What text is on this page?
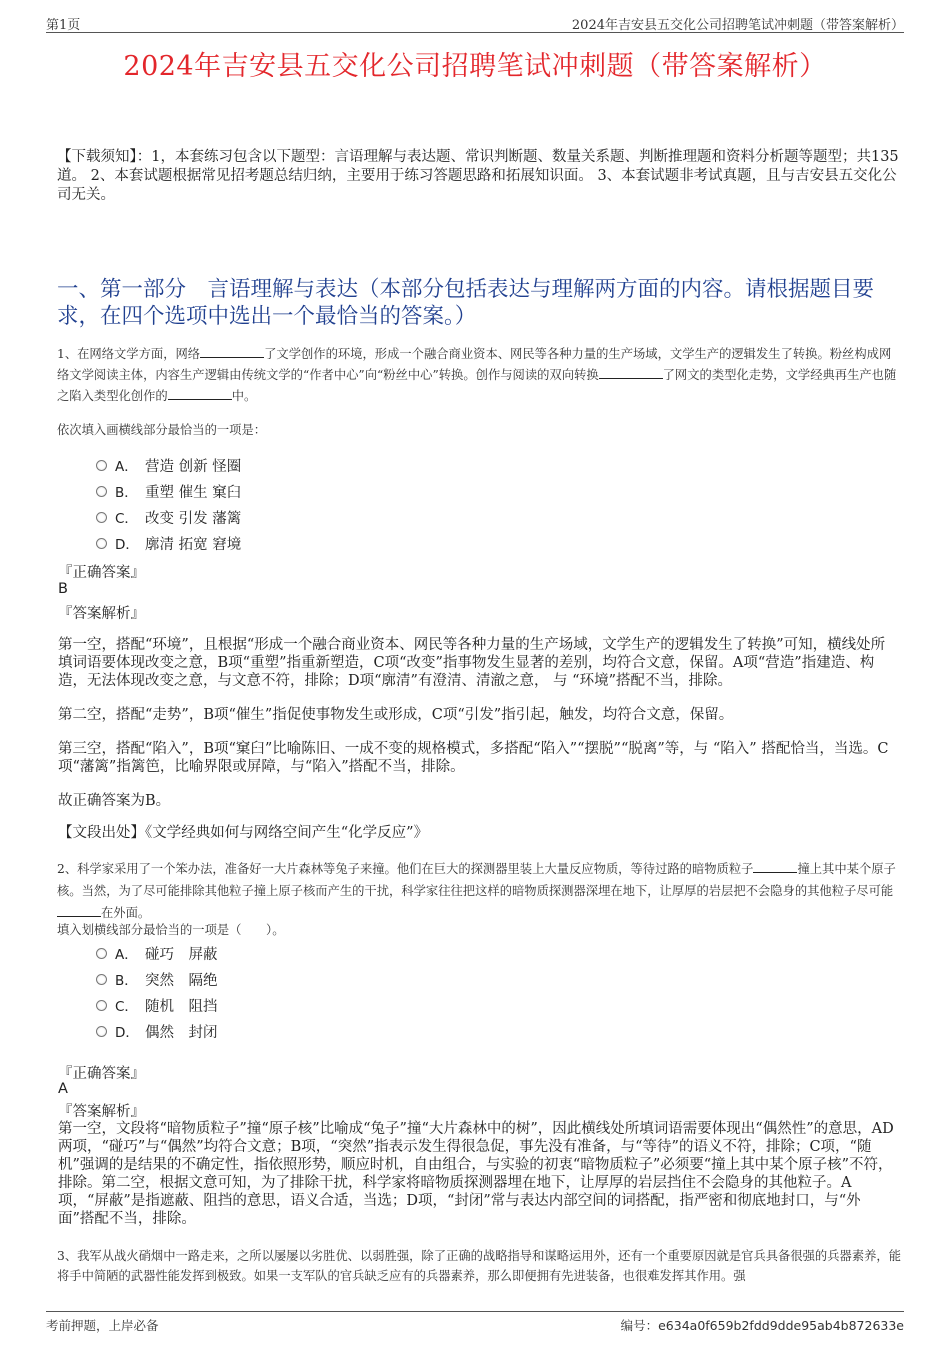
第1页	2024年吉安县五交化公司招聘笔试冲刺题（带答案解析）
2024年吉安县五交化公司招聘笔试冲刺题（带答案解析）
【下载须知】：1，本套练习包含以下题型：言语理解与表达题、常识判断题、数量关系题、判断推理题和资料分析题等题型；共135道。 2、本套试题根据常见招考题总结归纳，主要用于练习答题思路和拓展知识面。 3、本套试题非考试真题，且与吉安县五交化公司无关。
一、第一部分　言语理解与表达（本部分包括表达与理解两方面的内容。请根据题目要求，在四个选项中选出一个最恰当的答案。）
1、在网络文学方面，网络	了文学创作的环境，形成一个融合商业资本、网民等各种力量的生产场域，文学生产的逻辑发生了转换。粉丝构成网络文学阅读主体，内容生产逻辑由传统文学的“作者中心”向“粉丝中心”转换。创作与阅读的双向转换	了网文的类型化走势，文学经典再生产也随之陷入类型化创作的	中。
依次填入画横线部分最恰当的一项是：
A． 营造 创新 怪圈
B． 重塑 催生 窠臼
C． 改变 引发 藩篱
D． 廓清 拓宽 窘境
『正确答案』
B
『答案解析』
第一空，搭配“环境”，且根据“形成一个融合商业资本、网民等各种力量的生产场域，文学生产的逻辑发生了转换”可知，横线处所填词语要体现改变之意，B项“重塑”指重新塑造，C项“改变”指事物发生显著的差别，均符合文意，保留。A项“营造”指建造、构造，无法体现改变之意，与文意不符，排除；D项“廓清”有澄清、清澈之意， 与 “环境”搭配不当，排除。
第二空，搭配“走势”，B项“催生”指促使事物发生或形成，C项“引发”指引起，触发，均符合文意，保留。
第三空，搭配“陷入”，B项“窠臼”比喻陈旧、一成不变的规格模式，多搭配“陷入”“摆脱”“脱离”等，与 “陷入” 搭配恰当，当选。C项“藩篱”指篱笆，比喻界限或屏障，与“陷入”搭配不当，排除。
故正确答案为B。
【文段出处】《文学经典如何与网络空间产生“化学反应”》
2、科学家采用了一个笨办法，准备好一大片森林等兔子来撞。他们在巨大的探测器里装上大量反应物质，等待过路的暗物质粒子	撞上其中某个原子核。当然，为了尽可能排除其他粒子撞上原子核而产生的干扰，科学家往往把这样的暗物质探测器深埋在地下，让厚厚的岩层把不会隐身的其他粒子尽可能在外面。
填入划横线部分最恰当的一项是（　　）。
A． 碰巧　屏蔽
B． 突然　隔绝
C． 随机　阻挡
D． 偶然　封闭
『正确答案』
A
『答案解析』
第一空，文段将“暗物质粒子”撞“原子核”比喻成“兔子”撞“大片森林中的树”，因此横线处所填词语需要体现出“偶然性”的意思，AD两项，“碰巧”与“偶然”均符合文意；B项，“突然”指表示发生得很急促，事先没有准备，与“等待”的语义不符，排除；C项，“随机”强调的是结果的不确定性，指依照形势，顺应时机，自由组合，与实验的初衷“暗物质粒子”必须要“撞上其中某个原子核”不符，排除。第二空，根据文意可知，为了排除干扰，科学家将暗物质探测器埋在地下，让厚厚的岩层挡住不会隐身的其他粒子。A项，“屏蔽”是指遮蔽、阻挡的意思，语义合适，当选；D项，“封闭”常与表达内部空间的词搭配，指严密和彻底地封口，与“外面”搭配不当，排除。
3、我军从战火硝烟中一路走来，之所以屡屡以劣胜优、以弱胜强，除了正确的战略指导和谋略运用外，还有一个重要原因就是官兵具备很强的兵器素养，能将手中简陋的武器性能发挥到极致。如果一支军队的官兵缺乏应有的兵器素养，那么即便拥有先进装备，也很难发挥其作用。强
考前押题，上岸必备	编号：e634a0f659b2fdd9dde95ab4b872633e
